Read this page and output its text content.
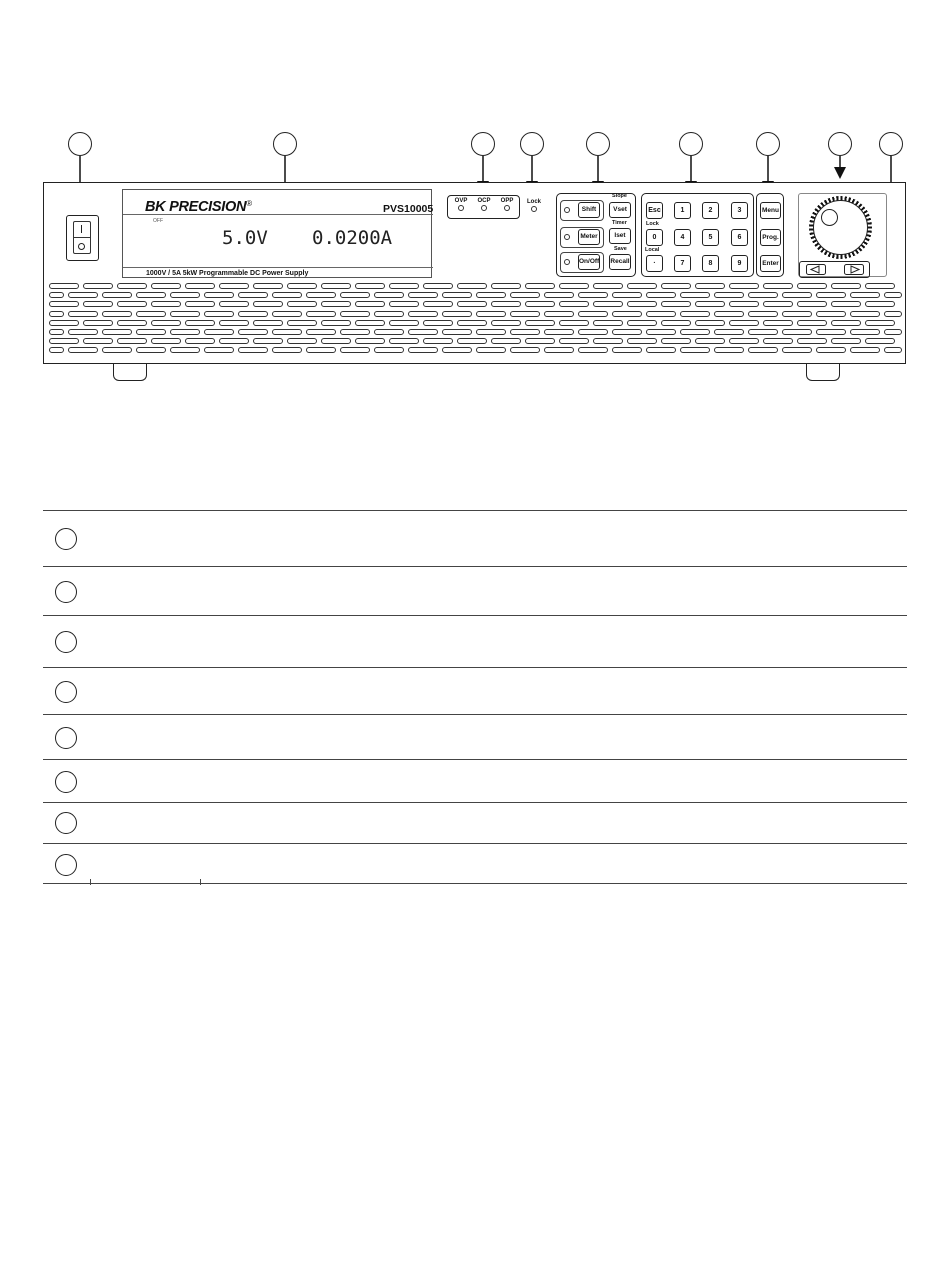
BK PRECISION®	PVS10005
OFF
5.0V 0.0200A
1000V / 5A 5kW Programmable DC Power Supply
OVP	OCP	OPP	Lock
Shift
Meter
On/Off
Slope
Vset
Timer
Iset
Save
Recall
Esc
Lock
0
Local
·
1	2	3
4	5	6
7	8	9
Menu
Prog.
Enter
